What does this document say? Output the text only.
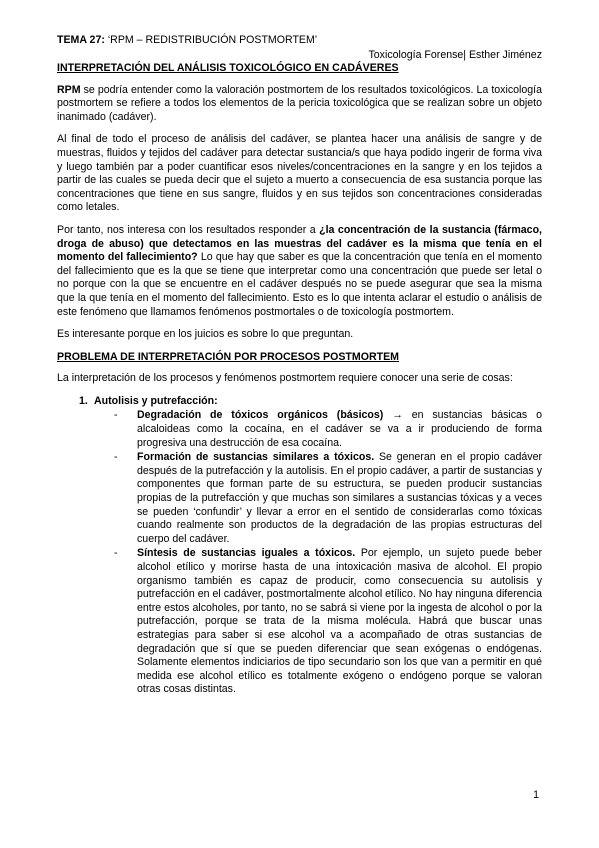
TEMA 27: ‘RPM – REDISTRIBUCIÓN POSTMORTEM’
Toxicología Forense| Esther Jiménez
INTERPRETACIÓN DEL ANÁLISIS TOXICOLÓGICO EN CADÁVERES

RPM se podría entender como la valoración postmortem de los resultados toxicológicos. La toxicología postmortem se refiere a todos los elementos de la pericia toxicológica que se realizan sobre un objeto inanimado (cadáver).

Al final de todo el proceso de análisis del cadáver, se plantea hacer una análisis de sangre y de muestras, fluidos y tejidos del cadáver para detectar sustancia/s que haya podido ingerir de forma viva y luego también par a poder cuantificar esos niveles/concentraciones en la sangre y en los tejidos a partir de las cuales se pueda decir que el sujeto a muerto a consecuencia de esa sustancia porque las concentraciones que tiene en sus sangre, fluidos y en sus tejidos son concentraciones consideradas como letales.

Por tanto, nos interesa con los resultados responder a ¿la concentración de la sustancia (fármaco, droga de abuso) que detectamos en las muestras del cadáver es la misma que tenía en el momento del fallecimiento? Lo que hay que saber es que la concentración que tenía en el momento del fallecimiento que es la que se tiene que interpretar como una concentración que puede ser letal o no porque con la que se encuentre en el cadáver después no se puede asegurar que sea la misma que la que tenía en el momento del fallecimiento. Esto es lo que intenta aclarar el estudio o análisis de este fenómeno que llamamos fenómenos postmortales o de toxicología postmortem.

Es interesante porque en los juicios es sobre lo que preguntan.

PROBLEMA DE INTERPRETACIÓN POR PROCESOS POSTMORTEM

La interpretación de los procesos y fenómenos postmortem requiere conocer una serie de cosas:

1. Autolisis y putrefacción:
- Degradación de tóxicos orgánicos (básicos) → en sustancias básicas o alcaloideas como la cocaína, en el cadáver se va a ir produciendo de forma progresiva una destrucción de esa cocaína.
- Formación de sustancias similares a tóxicos. Se generan en el propio cadáver después de la putrefacción y la autolisis. En el propio cadáver, a partir de sustancias y componentes que forman parte de su estructura, se pueden producir sustancias propias de la putrefacción y que muchas son similares a sustancias tóxicas y a veces se pueden ‘confundir’ y llevar a error en el sentido de considerarlas como tóxicas cuando realmente son productos de la degradación de las propias estructuras del cuerpo del cadáver.
- Síntesis de sustancias iguales a tóxicos. Por ejemplo, un sujeto puede beber alcohol etílico y morirse hasta de una intoxicación masiva de alcohol. El propio organismo también es capaz de producir, como consecuencia su autolisis y putrefacción en el cadáver, postmortalmente alcohol etílico. No hay ninguna diferencia entre estos alcoholes, por tanto, no se sabrá si viene por la ingesta de alcohol o por la putrefacción, porque se trata de la misma molécula. Habrá que buscar unas estrategias para saber si ese alcohol va a acompañado de otras sustancias de degradación que sí que se pueden diferenciar que sean exógenas o endógenas. Solamente elementos indiciarios de tipo secundario son los que van a permitir en qué medida ese alcohol etílico es totalmente exógeno o endógeno porque se valoran otras cosas distintas.
1
